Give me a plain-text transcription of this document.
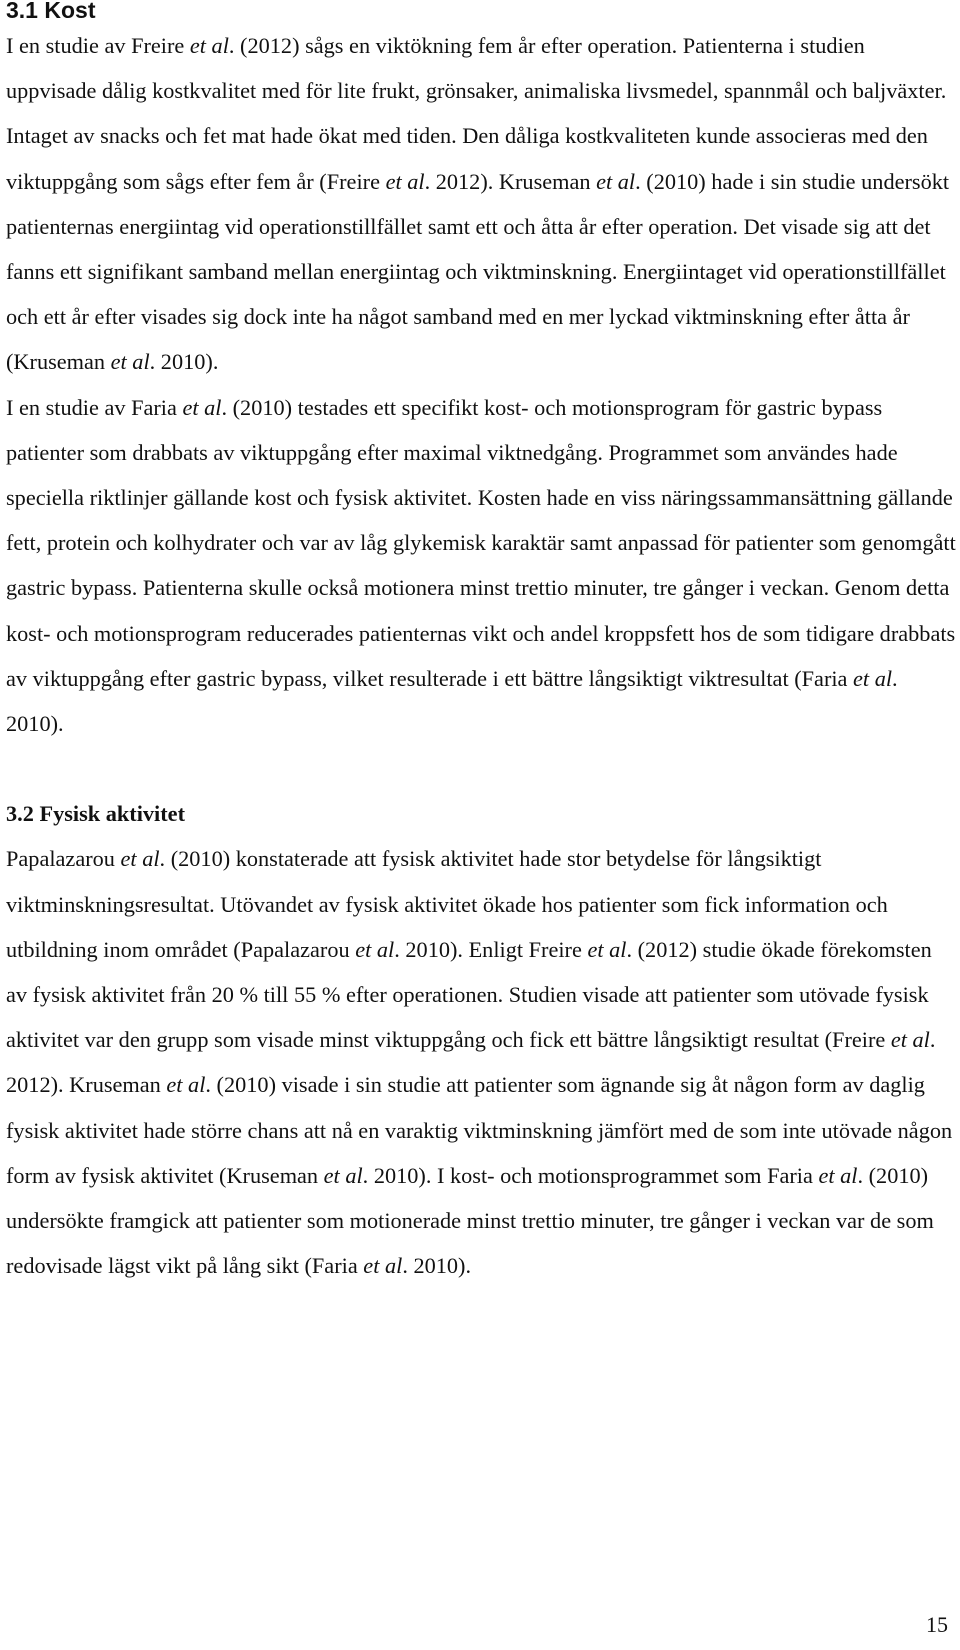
3.1 Kost

I en studie av Freire et al. (2012) sågs en viktökning fem år efter operation. Patienterna i studien uppvisade dålig kostkvalitet med för lite frukt, grönsaker, animaliska livsmedel, spannmål och baljväxter. Intaget av snacks och fet mat hade ökat med tiden. Den dåliga kostkvaliteten kunde associeras med den viktuppgång som sågs efter fem år (Freire et al. 2012). Kruseman et al. (2010) hade i sin studie undersökt patienternas energiintag vid operationstillfället samt ett och åtta år efter operation. Det visade sig att det fanns ett signifikant samband mellan energiintag och viktminskning. Energiintaget vid operationstillfället och ett år efter visades sig dock inte ha något samband med en mer lyckad viktminskning efter åtta år (Kruseman et al. 2010).

I en studie av Faria et al. (2010) testades ett specifikt kost- och motionsprogram för gastric bypass patienter som drabbats av viktuppgång efter maximal viktnedgång. Programmet som användes hade speciella riktlinjer gällande kost och fysisk aktivitet. Kosten hade en viss näringssammansättning gällande fett, protein och kolhydrater och var av låg glykemisk karaktär samt anpassad för patienter som genomgått gastric bypass. Patienterna skulle också motionera minst trettio minuter, tre gånger i veckan. Genom detta kost- och motionsprogram reducerades patienternas vikt och andel kroppsfett hos de som tidigare drabbats av viktuppgång efter gastric bypass, vilket resulterade i ett bättre långsiktigt viktresultat (Faria et al. 2010).

3.2 Fysisk aktivitet

Papalazarou et al. (2010) konstaterade att fysisk aktivitet hade stor betydelse för långsiktigt viktminskningsresultat. Utövandet av fysisk aktivitet ökade hos patienter som fick information och utbildning inom området (Papalazarou et al. 2010). Enligt Freire et al. (2012) studie ökade förekomsten av fysisk aktivitet från 20 % till 55 % efter operationen. Studien visade att patienter som utövade fysisk aktivitet var den grupp som visade minst viktuppgång och fick ett bättre långsiktigt resultat (Freire et al. 2012). Kruseman et al. (2010) visade i sin studie att patienter som ägnande sig åt någon form av daglig fysisk aktivitet hade större chans att nå en varaktig viktminskning jämfört med de som inte utövade någon form av fysisk aktivitet (Kruseman et al. 2010). I kost- och motionsprogrammet som Faria et al. (2010) undersökte framgick att patienter som motionerade minst trettio minuter, tre gånger i veckan var de som redovisade lägst vikt på lång sikt (Faria et al. 2010).

15
